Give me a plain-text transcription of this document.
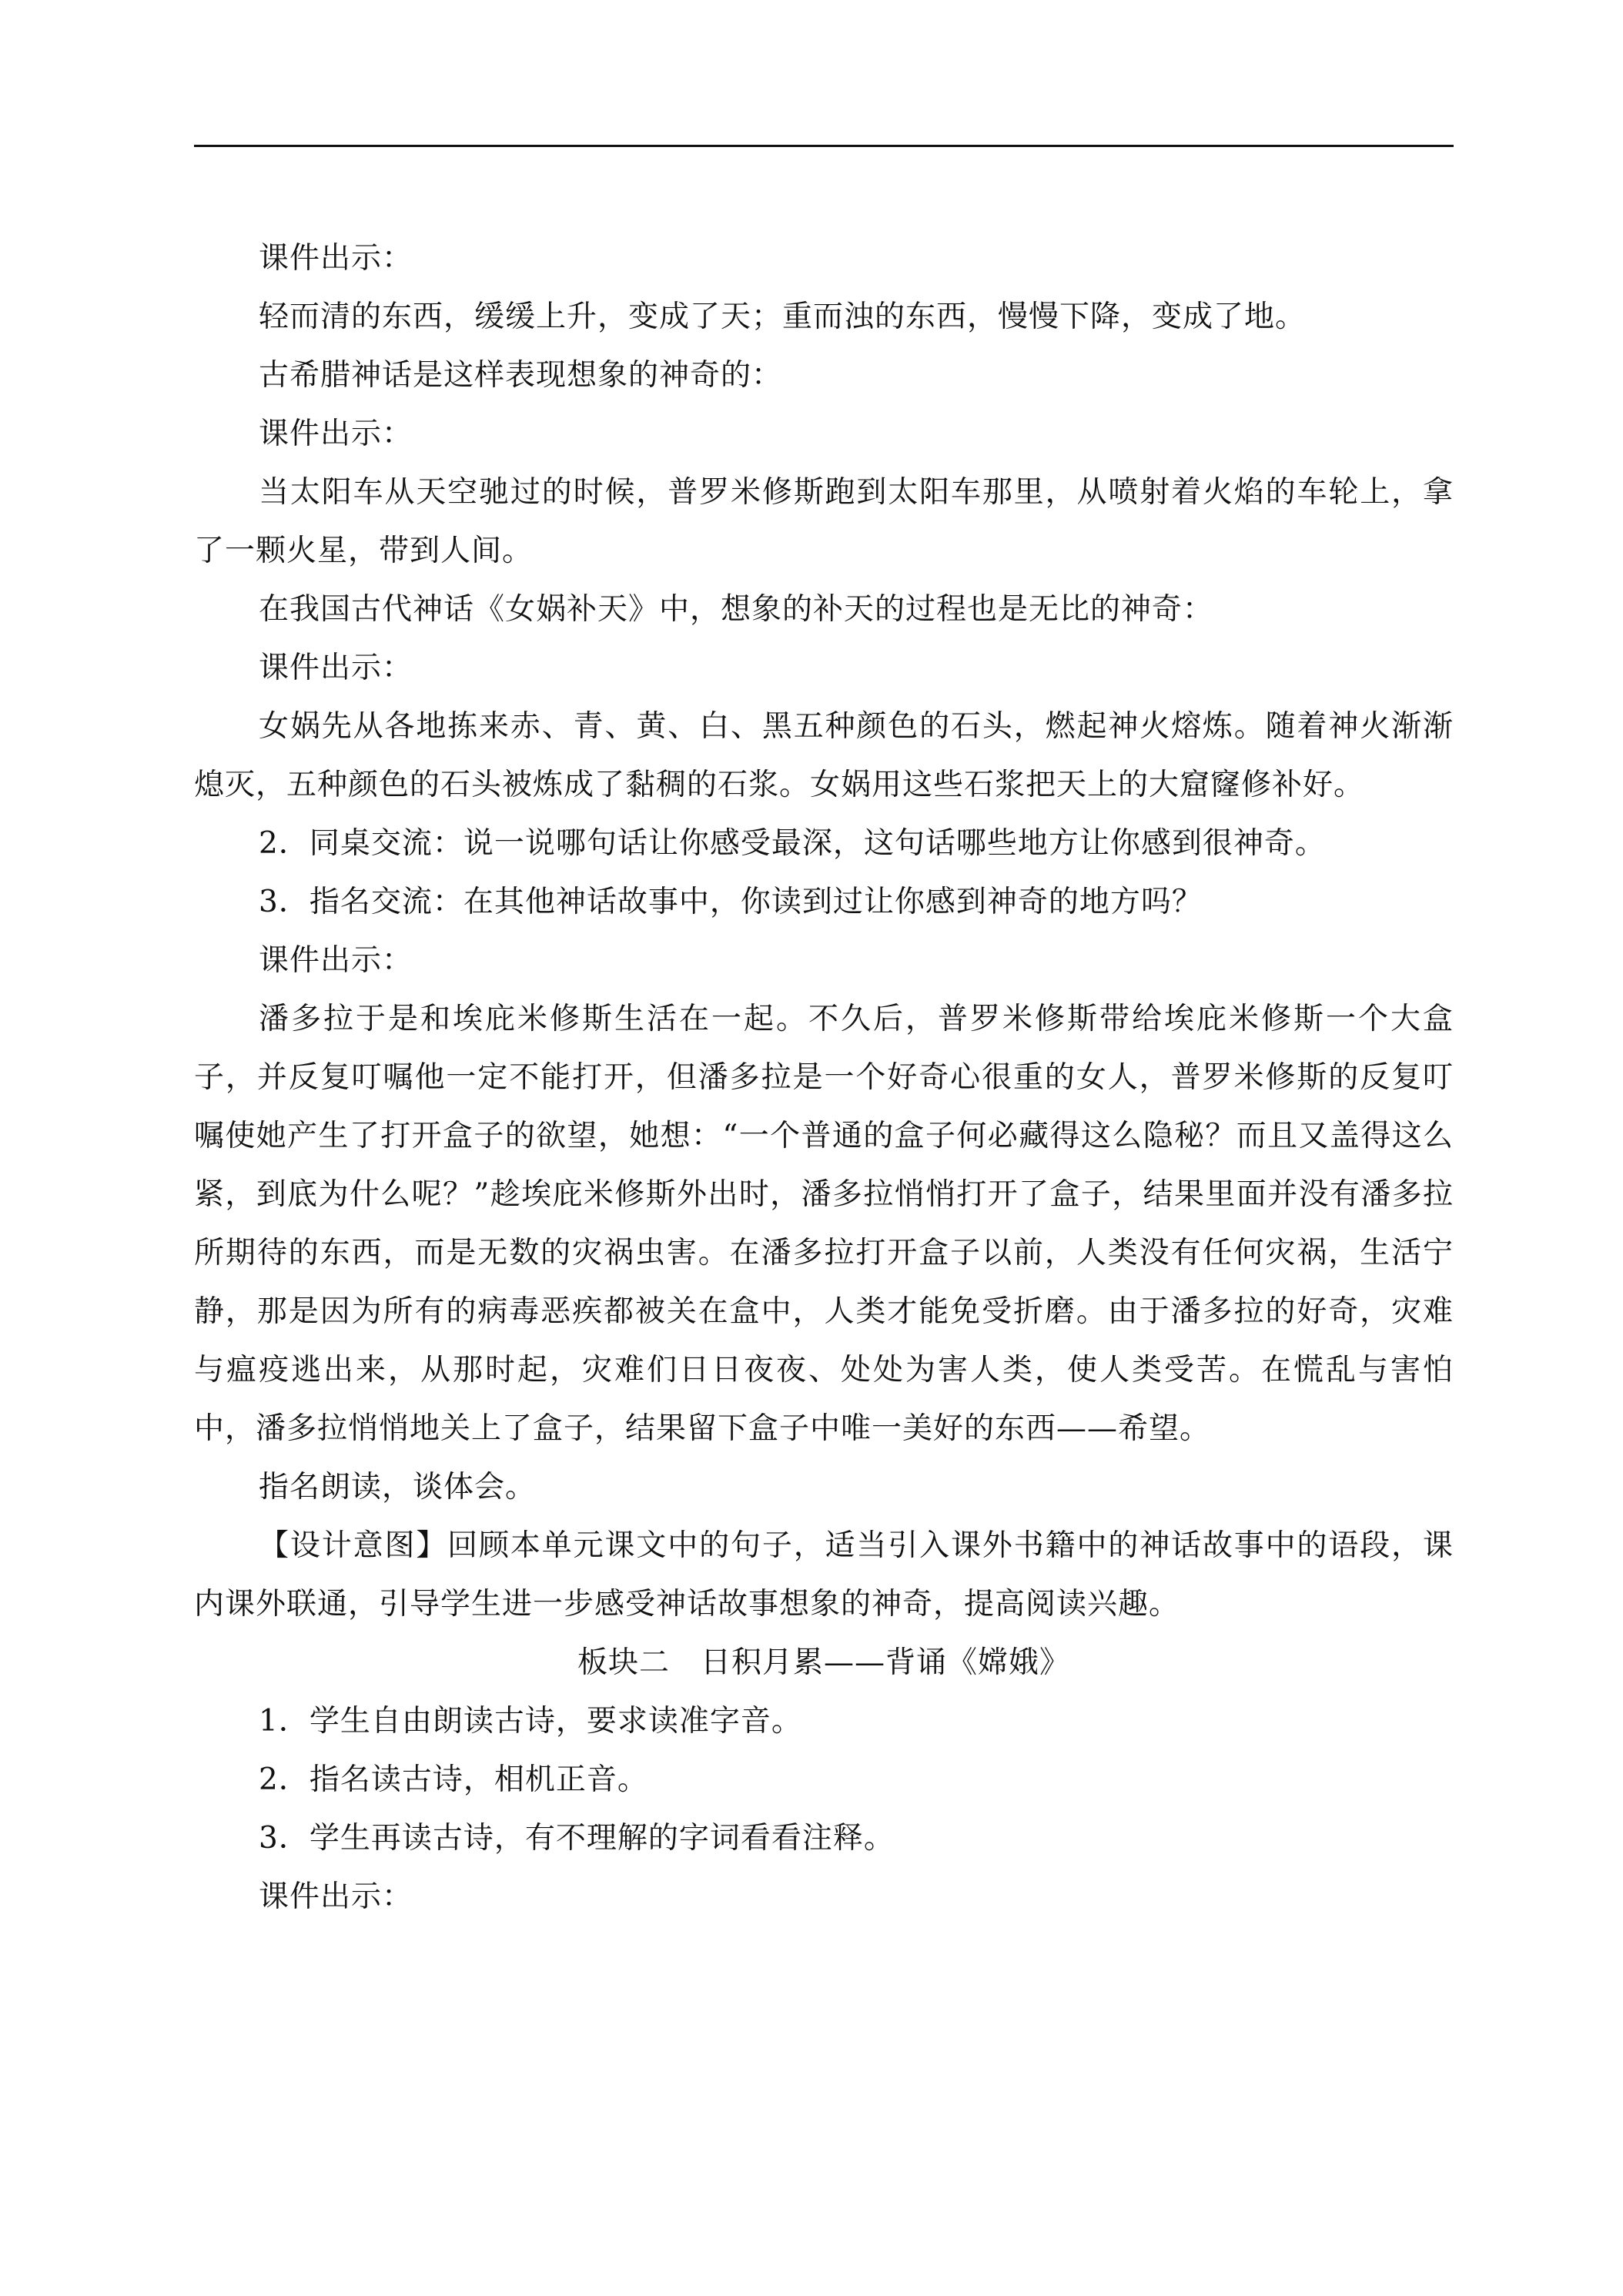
课件出示：

轻而清的东西，缓缓上升，变成了天；重而浊的东西，慢慢下降，变成了地。

古希腊神话是这样表现想象的神奇的：

课件出示：

当太阳车从天空驰过的时候，普罗米修斯跑到太阳车那里，从喷射着火焰的车轮上，拿了一颗火星，带到人间。

在我国古代神话《女娲补天》中，想象的补天的过程也是无比的神奇：

课件出示：

女娲先从各地拣来赤、青、黄、白、黑五种颜色的石头，燃起神火熔炼。随着神火渐渐熄灭，五种颜色的石头被炼成了黏稠的石浆。女娲用这些石浆把天上的大窟窿修补好。

2．同桌交流：说一说哪句话让你感受最深，这句话哪些地方让你感到很神奇。

3．指名交流：在其他神话故事中，你读到过让你感到神奇的地方吗？

课件出示：

潘多拉于是和埃庇米修斯生活在一起。不久后，普罗米修斯带给埃庇米修斯一个大盒子，并反复叮嘱他一定不能打开，但潘多拉是一个好奇心很重的女人，普罗米修斯的反复叮嘱使她产生了打开盒子的欲望，她想：“一个普通的盒子何必藏得这么隐秘？而且又盖得这么紧，到底为什么呢？”趁埃庇米修斯外出时，潘多拉悄悄打开了盒子，结果里面并没有潘多拉所期待的东西，而是无数的灾祸虫害。在潘多拉打开盒子以前，人类没有任何灾祸，生活宁静，那是因为所有的病毒恶疾都被关在盒中，人类才能免受折磨。由于潘多拉的好奇，灾难与瘟疫逃出来，从那时起，灾难们日日夜夜、处处为害人类，使人类受苦。在慌乱与害怕中，潘多拉悄悄地关上了盒子，结果留下盒子中唯一美好的东西——希望。

指名朗读，谈体会。

【设计意图】回顾本单元课文中的句子，适当引入课外书籍中的神话故事中的语段，课内课外联通，引导学生进一步感受神话故事想象的神奇，提高阅读兴趣。

板块二　日积月累——背诵《嫦娥》

1．学生自由朗读古诗，要求读准字音。

2．指名读古诗，相机正音。

3．学生再读古诗，有不理解的字词看看注释。

课件出示：
